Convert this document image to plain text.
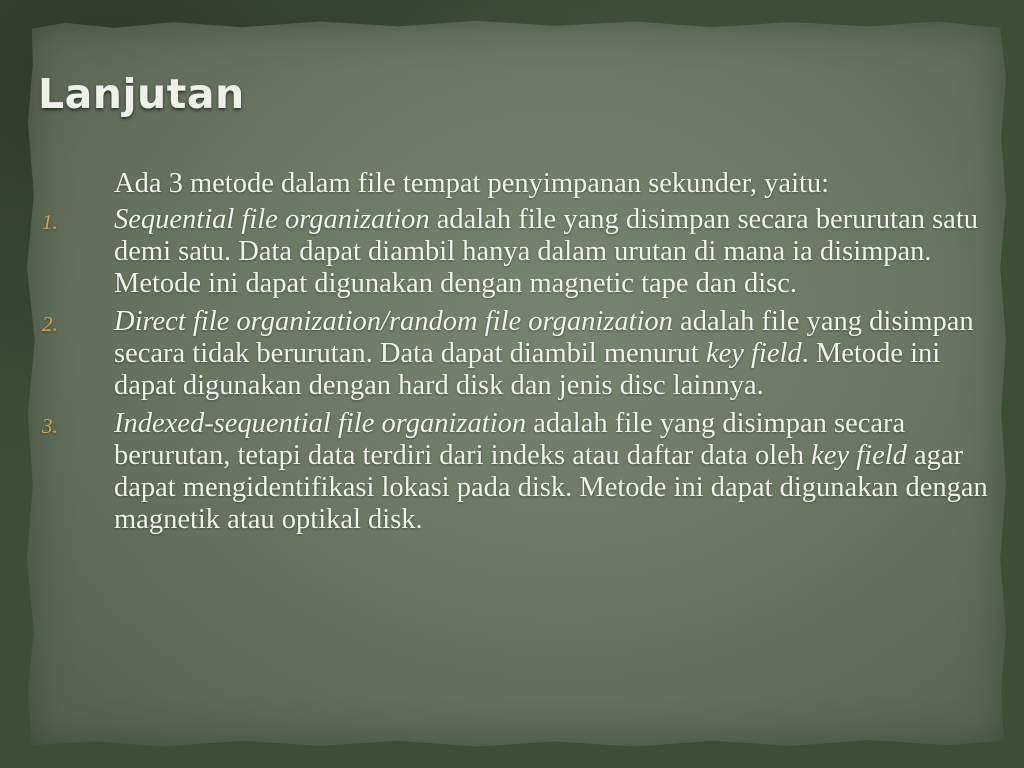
Lanjutan

Ada 3 metode dalam file tempat penyimpanan sekunder, yaitu:

1. Sequential file organization adalah file yang disimpan secara berurutan satu demi satu. Data dapat diambil hanya dalam urutan di mana ia disimpan. Metode ini dapat digunakan dengan magnetic tape dan disc.

2. Direct file organization/random file organization adalah file yang disimpan secara tidak berurutan. Data dapat diambil menurut key field. Metode ini dapat digunakan dengan hard disk dan jenis disc lainnya.

3. Indexed-sequential file organization adalah file yang disimpan secara berurutan, tetapi data terdiri dari indeks atau daftar data oleh key field agar dapat mengidentifikasi lokasi pada disk. Metode ini dapat digunakan dengan magnetik atau optikal disk.
